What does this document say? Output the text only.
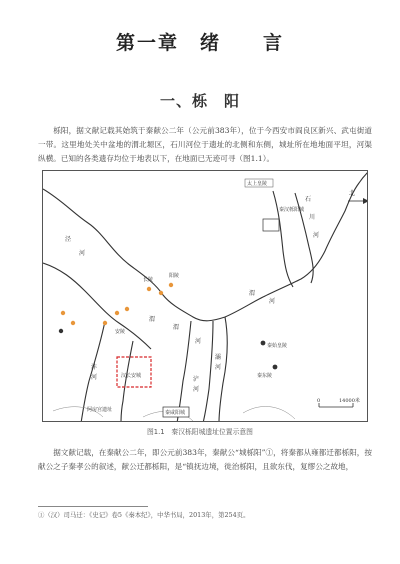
第一章　绪　　言
一、栎　阳

栎阳，据文献记载其始筑于秦献公二年（公元前383年），位于今西安市阎良区新兴、武屯街道一带。这里地处关中盆地的渭北塬区，石川河位于遗址的北侧和东侧，城址所在地地面平坦，河渠纵横。已知的各类遗存均位于地表以下，在地面已无迹可寻（图1.1）。

北
太上皇陵
秦汉栎阳城
长陵
阳陵
安陵
秦始皇陵
秦东陵
汉长安城
秦咸阳城
阿房宫遗址
泾
河
渭
河
石
川
河
渭
河
灞
河
浐
河
沣
河
渭
0	14000米
图1.1　秦汉栎阳城遗址位置示意图

据文献记载，在秦献公二年，即公元前383年，秦献公“城栎阳”①，将秦都从雍都迁都栎阳，按献公之子秦孝公的叙述，献公迁都栎阳，是“镇抚边境，徙治栎阳，且欲东伐，复缪公之故地，

①（汉）司马迁：《史记》卷5《秦本纪》，中华书局，2013年，第254页。
